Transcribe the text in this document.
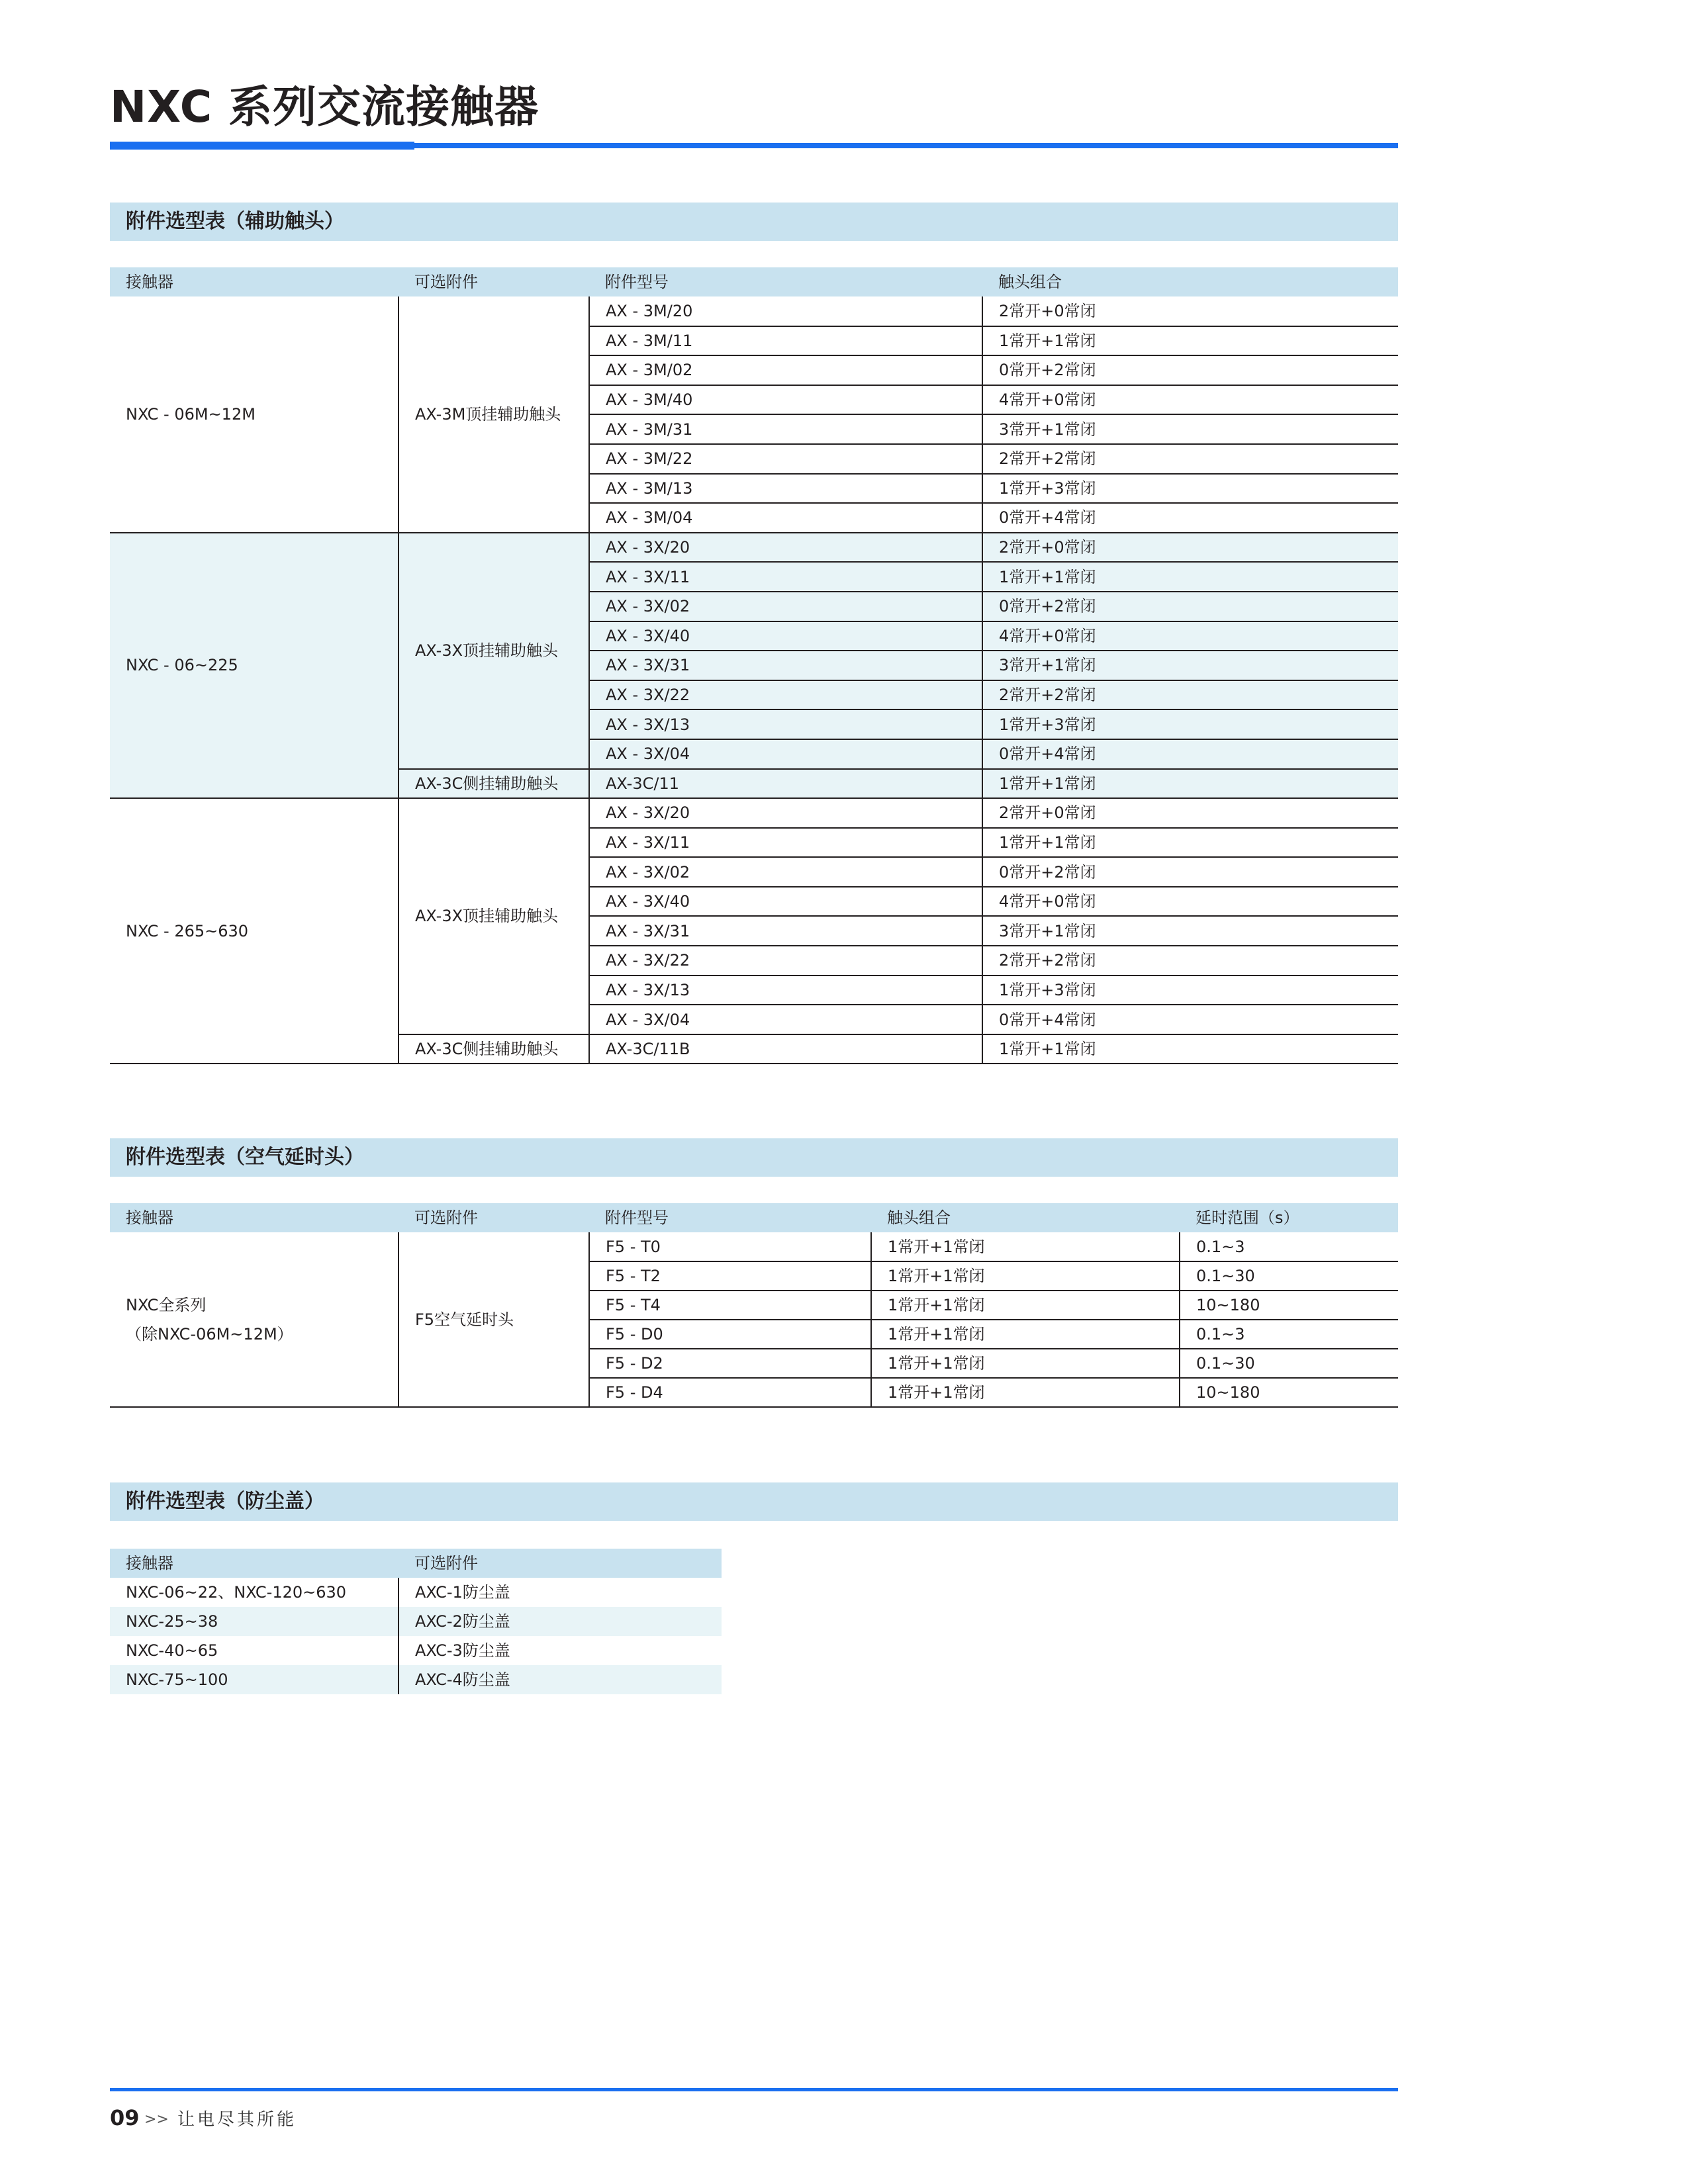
NXC 系列交流接触器
附件选型表（辅助触头）
接触器	可选附件	附件型号	触头组合
NXC - 06M~12M	AX-3M顶挂辅助触头	AX - 3M/20	2常开+0常闭
		AX - 3M/11	1常开+1常闭
		AX - 3M/02	0常开+2常闭
		AX - 3M/40	4常开+0常闭
		AX - 3M/31	3常开+1常闭
		AX - 3M/22	2常开+2常闭
		AX - 3M/13	1常开+3常闭
		AX - 3M/04	0常开+4常闭
NXC - 06~225	AX-3X顶挂辅助触头	AX - 3X/20	2常开+0常闭
		AX - 3X/11	1常开+1常闭
		AX - 3X/02	0常开+2常闭
		AX - 3X/40	4常开+0常闭
		AX - 3X/31	3常开+1常闭
		AX - 3X/22	2常开+2常闭
		AX - 3X/13	1常开+3常闭
		AX - 3X/04	0常开+4常闭
	AX-3C侧挂辅助触头	AX-3C/11	1常开+1常闭
NXC - 265~630	AX-3X顶挂辅助触头	AX - 3X/20	2常开+0常闭
		AX - 3X/11	1常开+1常闭
		AX - 3X/02	0常开+2常闭
		AX - 3X/40	4常开+0常闭
		AX - 3X/31	3常开+1常闭
		AX - 3X/22	2常开+2常闭
		AX - 3X/13	1常开+3常闭
		AX - 3X/04	0常开+4常闭
	AX-3C侧挂辅助触头	AX-3C/11B	1常开+1常闭
附件选型表（空气延时头）
接触器	可选附件	附件型号	触头组合	延时范围（s）

NXC全系列
（除NXC-06M~12M）	F5空气延时头	F5 - T0	1常开+1常闭	0.1~3
		F5 - T2	1常开+1常闭	0.1~30
		F5 - T4	1常开+1常闭	10~180
		F5 - D0	1常开+1常闭	0.1~3
		F5 - D2	1常开+1常闭	0.1~30
		F5 - D4	1常开+1常闭	10~180
附件选型表（防尘盖）
接触器	可选附件
NXC-06~22、NXC-120~630	AXC-1防尘盖
NXC-25~38	AXC-2防尘盖
NXC-40~65	AXC-3防尘盖
NXC-75~100	AXC-4防尘盖
09 >> 让电尽其所能
